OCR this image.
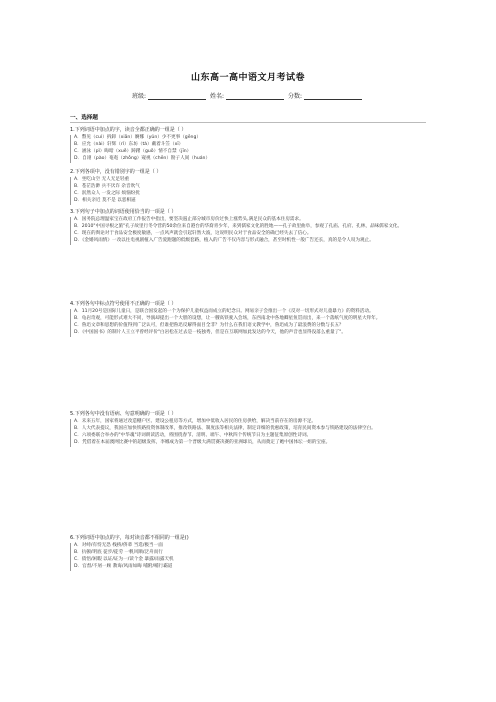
山东高一高中语文月考试卷
班级:	姓名:	分数:
一、选择题

1.下列词语中加点的字，读音全都正确的一组是（ ）

A．瞥见（cuì）拆卸（xiān）婀娜（yǔn）少不更事（gēng）

B．应允（nài）轩辉（rǐ）东坊（tà）戴着斗笠（xī）

C．涵泳（pǐ）晦暗（xuě）踌躇（guǒ）情不自禁（jīn）

D．自诩（pào）奄奄（zhǒng）窥视（chēn）勘子人间（huán）

2.下列各项中，没有错别字的一组是（ ）

A．坐吃山空 无人无足轻重

B．苍茫浩渺 兵不厌诈 杂音吹气

C．泯然众人 一发之际 烦恼纷扰

D．相关亲近 莫不是 以恶相逼

3.下列句子中加点的词语使用恰当的一项是（ ）

A．国务院总理温家宝在政府工作报告中指出，要坚决遏止部分城市房价过快上涨势头,满足民众的基本住房需求。

B．2010"中国寻根之旅"孔子故里行冬令营的50余位来自港台的华裔青少年，来到儒家文化的胜地——孔子故里曲阜，参观了孔庙、孔府、孔林，品味儒家文化。

C．现在的舆论对于食品安全极度敏感，一点风声就会引起轩然大波，这说明民众对于食品安全的确已经失去了信心。

D．《金婚风雨情》一改以往电视剧植入广告爱跑题的低级套路，植入的广告不仅内容与形式融合，甚至时机性一般广告还长，真的是令人叹为观止。

4.下列各句中标点符号使用不正确的一项是（ ）

A．11月20号是国际儿童日，是联合国发起的一个为保护儿童权益而成立的纪念日。网易亲子会推出一个《反对一切形式对儿童暴力》的资料活动。

B．龟岩奇观，可能形式难大不同，导演却提出一个大胆的设想，让一艘高铁驶入会场，东西南北中各地卿星鱼贯而出，来一个落纸气度的明星大拜年。

C．鲁迅文章和思想的价值得到广泛认可，但谁把鲁迅反解得面目全非？为什么在我们语文教学中，鲁迅成为了最浪费的分数与长五？

D．《中国国书》的制片人王立平曾经评价"白岩松在过去是一枝独秀，但是在互联网加此发达的今天，他的声音也显得没落么重量了"。

5.下列各句中没有语病、句意明确的一项是（ ）

A．未来五年，国家将通过改造棚户区、建设公租房等方式，增加中低收入居民的住房供给，解决当前存在的房源不足。

B．人大代表提议，我国应加快铁路投资体制改革，推改铁路法、制度法等相关法律，制定详细的优惠政策，培育民间资本参与铁路建设的法律空白。

C．六项委联合举办的"中华魂"诗词朗读活动，将围绕春节、清明、端午、中秋四个传统节日为主题征集原创性诗词。

D．凭借着在本届澳网比赛中的超级发挥，李娜成为第一个晋级大满贯赛决赛的亚洲球员，从而奠定了她中国体坛一姐的宝座。

6.下列词语中加点的字，每对读音都不相同的一组是()

A．对峙/有恃无恐 栈桥/侪辈 当选/极当一面

B．抗顿/明底 徒步/徒劳 一帆风顺/泛舟而行

C．债悟/闲暇 以证/证为一/读个金 暴露/雨露天机

D．官督/不屑一顾 教诲/风雨如晦 哺附/哺行霸道
